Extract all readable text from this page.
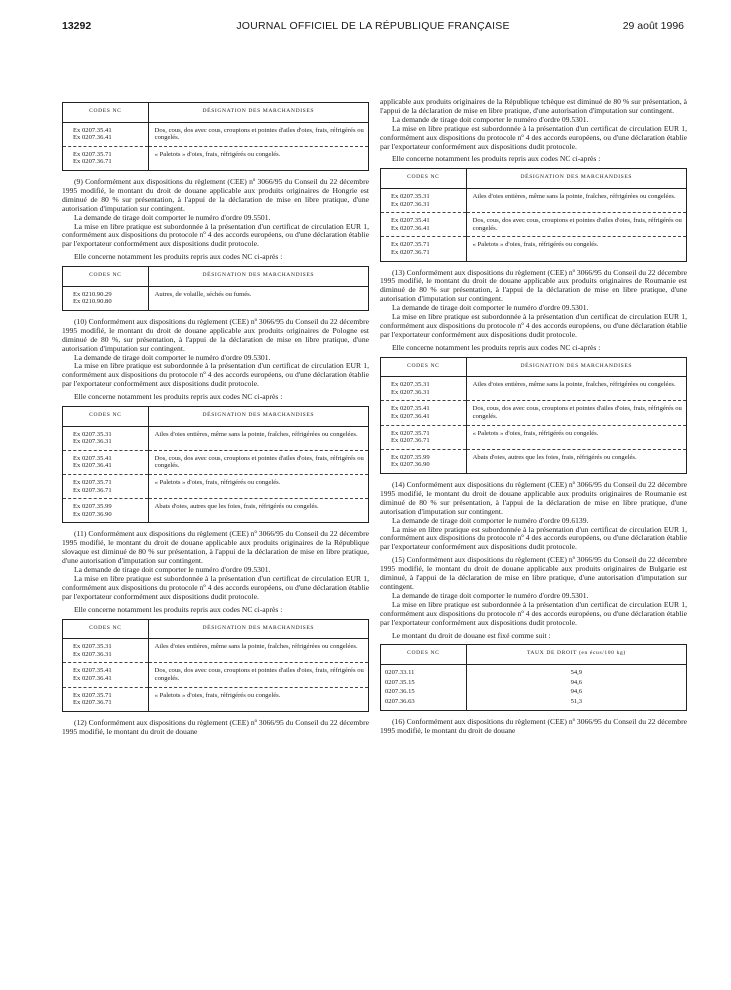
13292	JOURNAL OFFICIEL DE LA RÉPUBLIQUE FRANÇAISE	29 août 1996
CODES NC	DÉSIGNATION DES MARCHANDISES
Ex 0207.35.41
Ex 0207.36.41	Dos, cous, dos avec cous, croupions et pointes d'ailes d'oies, frais, réfrigérés ou congelés.
Ex 0207.35.71
Ex 0207.36.71	« Paletots » d'oies, frais, réfrigérés ou congelés.

(9) Conformément aux dispositions du règlement (CEE) nº 3066/95 du Conseil du 22 décembre 1995 modifié, le montant du droit de douane applicable aux produits originaires de Hongrie est diminué de 80 % sur présentation, à l'appui de la déclaration de mise en libre pratique, d'une autorisation d'imputation sur contingent.

La demande de tirage doit comporter le numéro d'ordre 09.5501.

La mise en libre pratique est subordonnée à la présentation d'un certificat de circulation EUR 1, conformément aux dispositions du protocole nº 4 des accords européens, ou d'une déclaration établie par l'exportateur conformément aux dispositions dudit protocole.

Elle concerne notamment les produits repris aux codes NC ci-après :

CODES NC	DÉSIGNATION DES MARCHANDISES
Ex 0210.90.29
Ex 0210.90.80	Autres, de volaille, séchés ou fumés.

(10) Conformément aux dispositions du règlement (CEE) nº 3066/95 du Conseil du 22 décembre 1995 modifié, le montant du droit de douane applicable aux produits originaires de Pologne est diminué de 80 %, sur présentation, à l'appui de la déclaration de mise en libre pratique, d'une autorisation d'imputation sur contingent.

La demande de tirage doit comporter le numéro d'ordre 09.5301.

La mise en libre pratique est subordonnée à la présentation d'un certificat de circulation EUR 1, conformément aux dispositions du protocole nº 4 des accords européens, ou d'une déclaration établie par l'exportateur conformément aux dispositions dudit protocole.

Elle concerne notamment les produits repris aux codes NC ci-après :

CODES NC	DÉSIGNATION DES MARCHANDISES
Ex 0207.35.31
Ex 0207.36.31	Ailes d'oies entières, même sans la pointe, fraîches, réfrigérées ou congelées.
Ex 0207.35.41
Ex 0207.36.41	Dos, cous, dos avec cous, croupions et pointes d'ailes d'oies, frais, réfrigérés ou congelés.
Ex 0207.35.71
Ex 0207.36.71	« Paletots » d'oies, frais, réfrigérés ou congelés.
Ex 0207.35.99
Ex 0207.36.90	Abats d'oies, autres que les foies, frais, réfrigérés ou congelés.

(11) Conformément aux dispositions du règlement (CEE) nº 3066/95 du Conseil du 22 décembre 1995 modifié, le montant du droit de douane applicable aux produits originaires de la République slovaque est diminué de 80 % sur présentation, à l'appui de la déclaration de mise en libre pratique, d'une autorisation d'imputation sur contingent.

La demande de tirage doit comporter le numéro d'ordre 09.5301.

La mise en libre pratique est subordonnée à la présentation d'un certificat de circulation EUR 1, conformément aux dispositions du protocole nº 4 des accords européens, ou d'une déclaration établie par l'exportateur conformément aux dispositions dudit protocole.

Elle concerne notamment les produits repris aux codes NC ci-après :

CODES NC	DÉSIGNATION DES MARCHANDISES
Ex 0207.35.31
Ex 0207.36.31	Ailes d'oies entières, même sans la pointe, fraîches, réfrigérées ou congelées.
Ex 0207.35.41
Ex 0207.36.41	Dos, cous, dos avec cous, croupions et pointes d'ailes d'oies, frais, réfrigérés ou congelés.
Ex 0207.35.71
Ex 0207.36.71	« Paletots » d'oies, frais, réfrigérés ou congelés.

(12) Conformément aux dispositions du règlement (CEE) nº 3066/95 du Conseil du 22 décembre 1995 modifié, le montant du droit de douane

applicable aux produits originaires de la République tchèque est diminué de 80 % sur présentation, à l'appui de la déclaration de mise en libre pratique, d'une autorisation d'imputation sur contingent.

La demande de tirage doit comporter le numéro d'ordre 09.5301.

La mise en libre pratique est subordonnée à la présentation d'un certificat de circulation EUR 1, conformément aux dispositions du protocole nº 4 des accords européens, ou d'une déclaration établie par l'exportateur conformément aux dispositions dudit protocole.

Elle concerne notamment les produits repris aux codes NC ci-après :

CODES NC	DÉSIGNATION DES MARCHANDISES
Ex 0207.35.31
Ex 0207.36.31	Ailes d'oies entières, même sans la pointe, fraîches, réfrigérées ou congelées.
Ex 0207.35.41
Ex 0207.36.41	Dos, cous, dos avec cous, croupions et pointes d'ailes d'oies, frais, réfrigérés ou congelés.
Ex 0207.35.71
Ex 0207.36.71	« Paletots » d'oies, frais, réfrigérés ou congelés.

(13) Conformément aux dispositions du règlement (CEE) nº 3066/95 du Conseil du 22 décembre 1995 modifié, le montant du droit de douane applicable aux produits originaires de Roumanie est diminué de 80 % sur présentation, à l'appui de la déclaration de mise en libre pratique, d'une autorisation d'imputation sur contingent.

La demande de tirage doit comporter le numéro d'ordre 09.5301.

La mise en libre pratique est subordonnée à la présentation d'un certificat de circulation EUR 1, conformément aux dispositions du protocole nº 4 des accords européens, ou d'une déclaration établie par l'exportateur conformément aux dispositions dudit protocole.

Elle concerne notamment les produits repris aux codes NC ci-après :

CODES NC	DÉSIGNATION DES MARCHANDISES
Ex 0207.35.31
Ex 0207.36.31	Ailes d'oies entières, même sans la pointe, fraîches, réfrigérées ou congelées.
Ex 0207.35.41
Ex 0207.36.41	Dos, cous, dos avec cous, croupions et pointes d'ailes d'oies, frais, réfrigérés ou congelés.
Ex 0207.35.71
Ex 0207.36.71	« Paletots » d'oies, frais, réfrigérés ou congelés.
Ex 0207.35.99
Ex 0207.36.90	Abats d'oies, autres que les foies, frais, réfrigérés ou congelés.

(14) Conformément aux dispositions du règlement (CEE) nº 3066/95 du Conseil du 22 décembre 1995 modifié, le montant du droit de douane applicable aux produits originaires de Roumanie est diminué de 80 % sur présentation, à l'appui de la déclaration de mise en libre pratique, d'une autorisation d'imputation sur contingent.

La demande de tirage doit comporter le numéro d'ordre 09.6139.

La mise en libre pratique est subordonnée à la présentation d'un certificat de circulation EUR 1, conformément aux dispositions du protocole nº 4 des accords européens, ou d'une déclaration établie par l'exportateur conformément aux dispositions dudit protocole.

(15) Conformément aux dispositions du règlement (CEE) nº 3066/95 du Conseil du 22 décembre 1995 modifié, le montant du droit de douane applicable aux produits originaires de Bulgarie est diminué, à l'appui de la déclaration de mise en libre pratique, d'une autorisation d'imputation sur contingent.

La demande de tirage doit comporter le numéro d'ordre 09.5301.

La mise en libre pratique est subordonnée à la présentation d'un certificat de circulation EUR 1, conformément aux dispositions du protocole nº 4 des accords européens, ou d'une déclaration établie par l'exportateur conformément aux dispositions dudit protocole.

Le montant du droit de douane est fixé comme suit :

CODES NC	TAUX DE DROIT (en écus/100 kg)
0207.33.11	54,9
0207.35.15	94,6
0207.36.15	94,6
0207.36.63	51,3

(16) Conformément aux dispositions du règlement (CEE) nº 3066/95 du Conseil du 22 décembre 1995 modifié, le montant du droit de douane
